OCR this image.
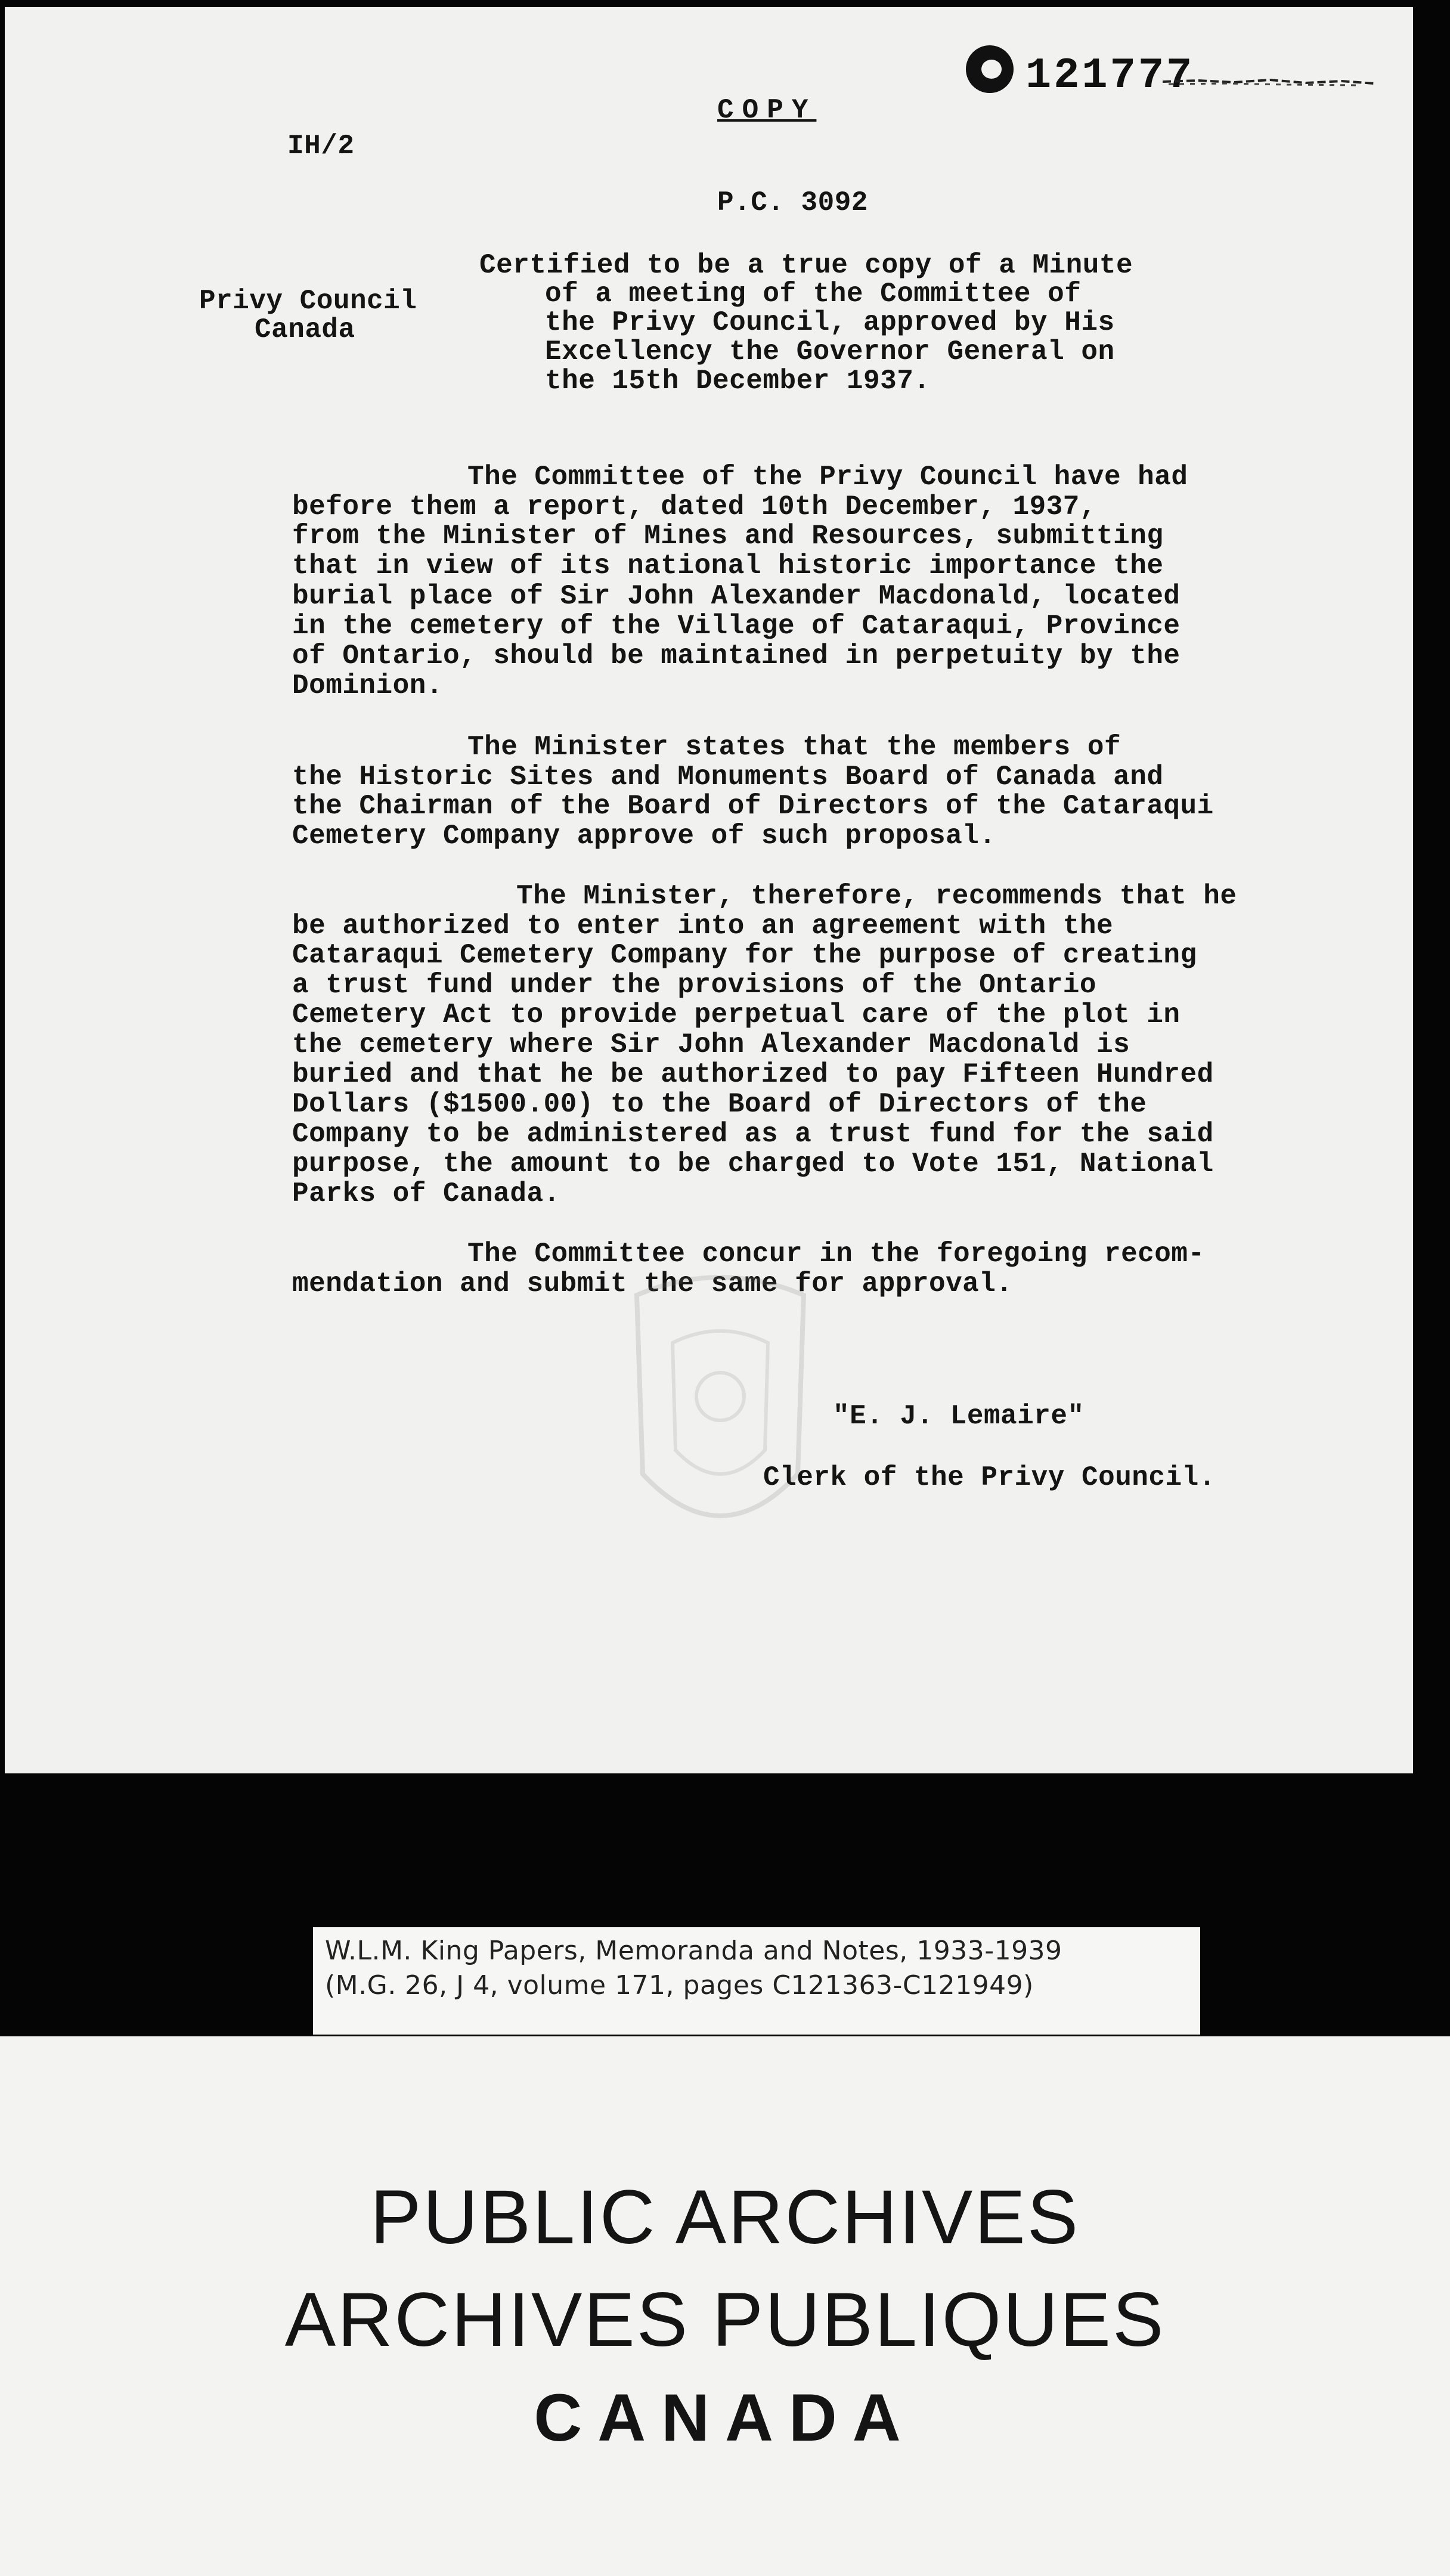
IH/2
COPY
121777
P.C. 3092
Privy Council
Canada
Certified to be a true copy of a Minute
of a meeting of the Committee of
the Privy Council, approved by His
Excellency the Governor General on
the 15th December 1937.
The Committee of the Privy Council have had
before them a report, dated 10th December, 1937,
from the Minister of Mines and Resources, submitting
that in view of its national historic importance the
burial place of Sir John Alexander Macdonald, located
in the cemetery of the Village of Cataraqui, Province
of Ontario, should be maintained in perpetuity by the
Dominion.
The Minister states that the members of
the Historic Sites and Monuments Board of Canada and
the Chairman of the Board of Directors of the Cataraqui
Cemetery Company approve of such proposal.
The Minister, therefore, recommends that he
be authorized to enter into an agreement with the
Cataraqui Cemetery Company for the purpose of creating
a trust fund under the provisions of the Ontario
Cemetery Act to provide perpetual care of the plot in
the cemetery where Sir John Alexander Macdonald is
buried and that he be authorized to pay Fifteen Hundred
Dollars ($1500.00) to the Board of Directors of the
Company to be administered as a trust fund for the said
purpose, the amount to be charged to Vote 151, National
Parks of Canada.
The Committee concur in the foregoing recom-
mendation and submit the same for approval.
"E. J. Lemaire"
Clerk of the Privy Council.
W.L.M. King Papers, Memoranda and Notes, 1933-1939
(M.G. 26, J 4, volume 171, pages C121363-C121949)
PUBLIC ARCHIVES
ARCHIVES PUBLIQUES
CANADA
